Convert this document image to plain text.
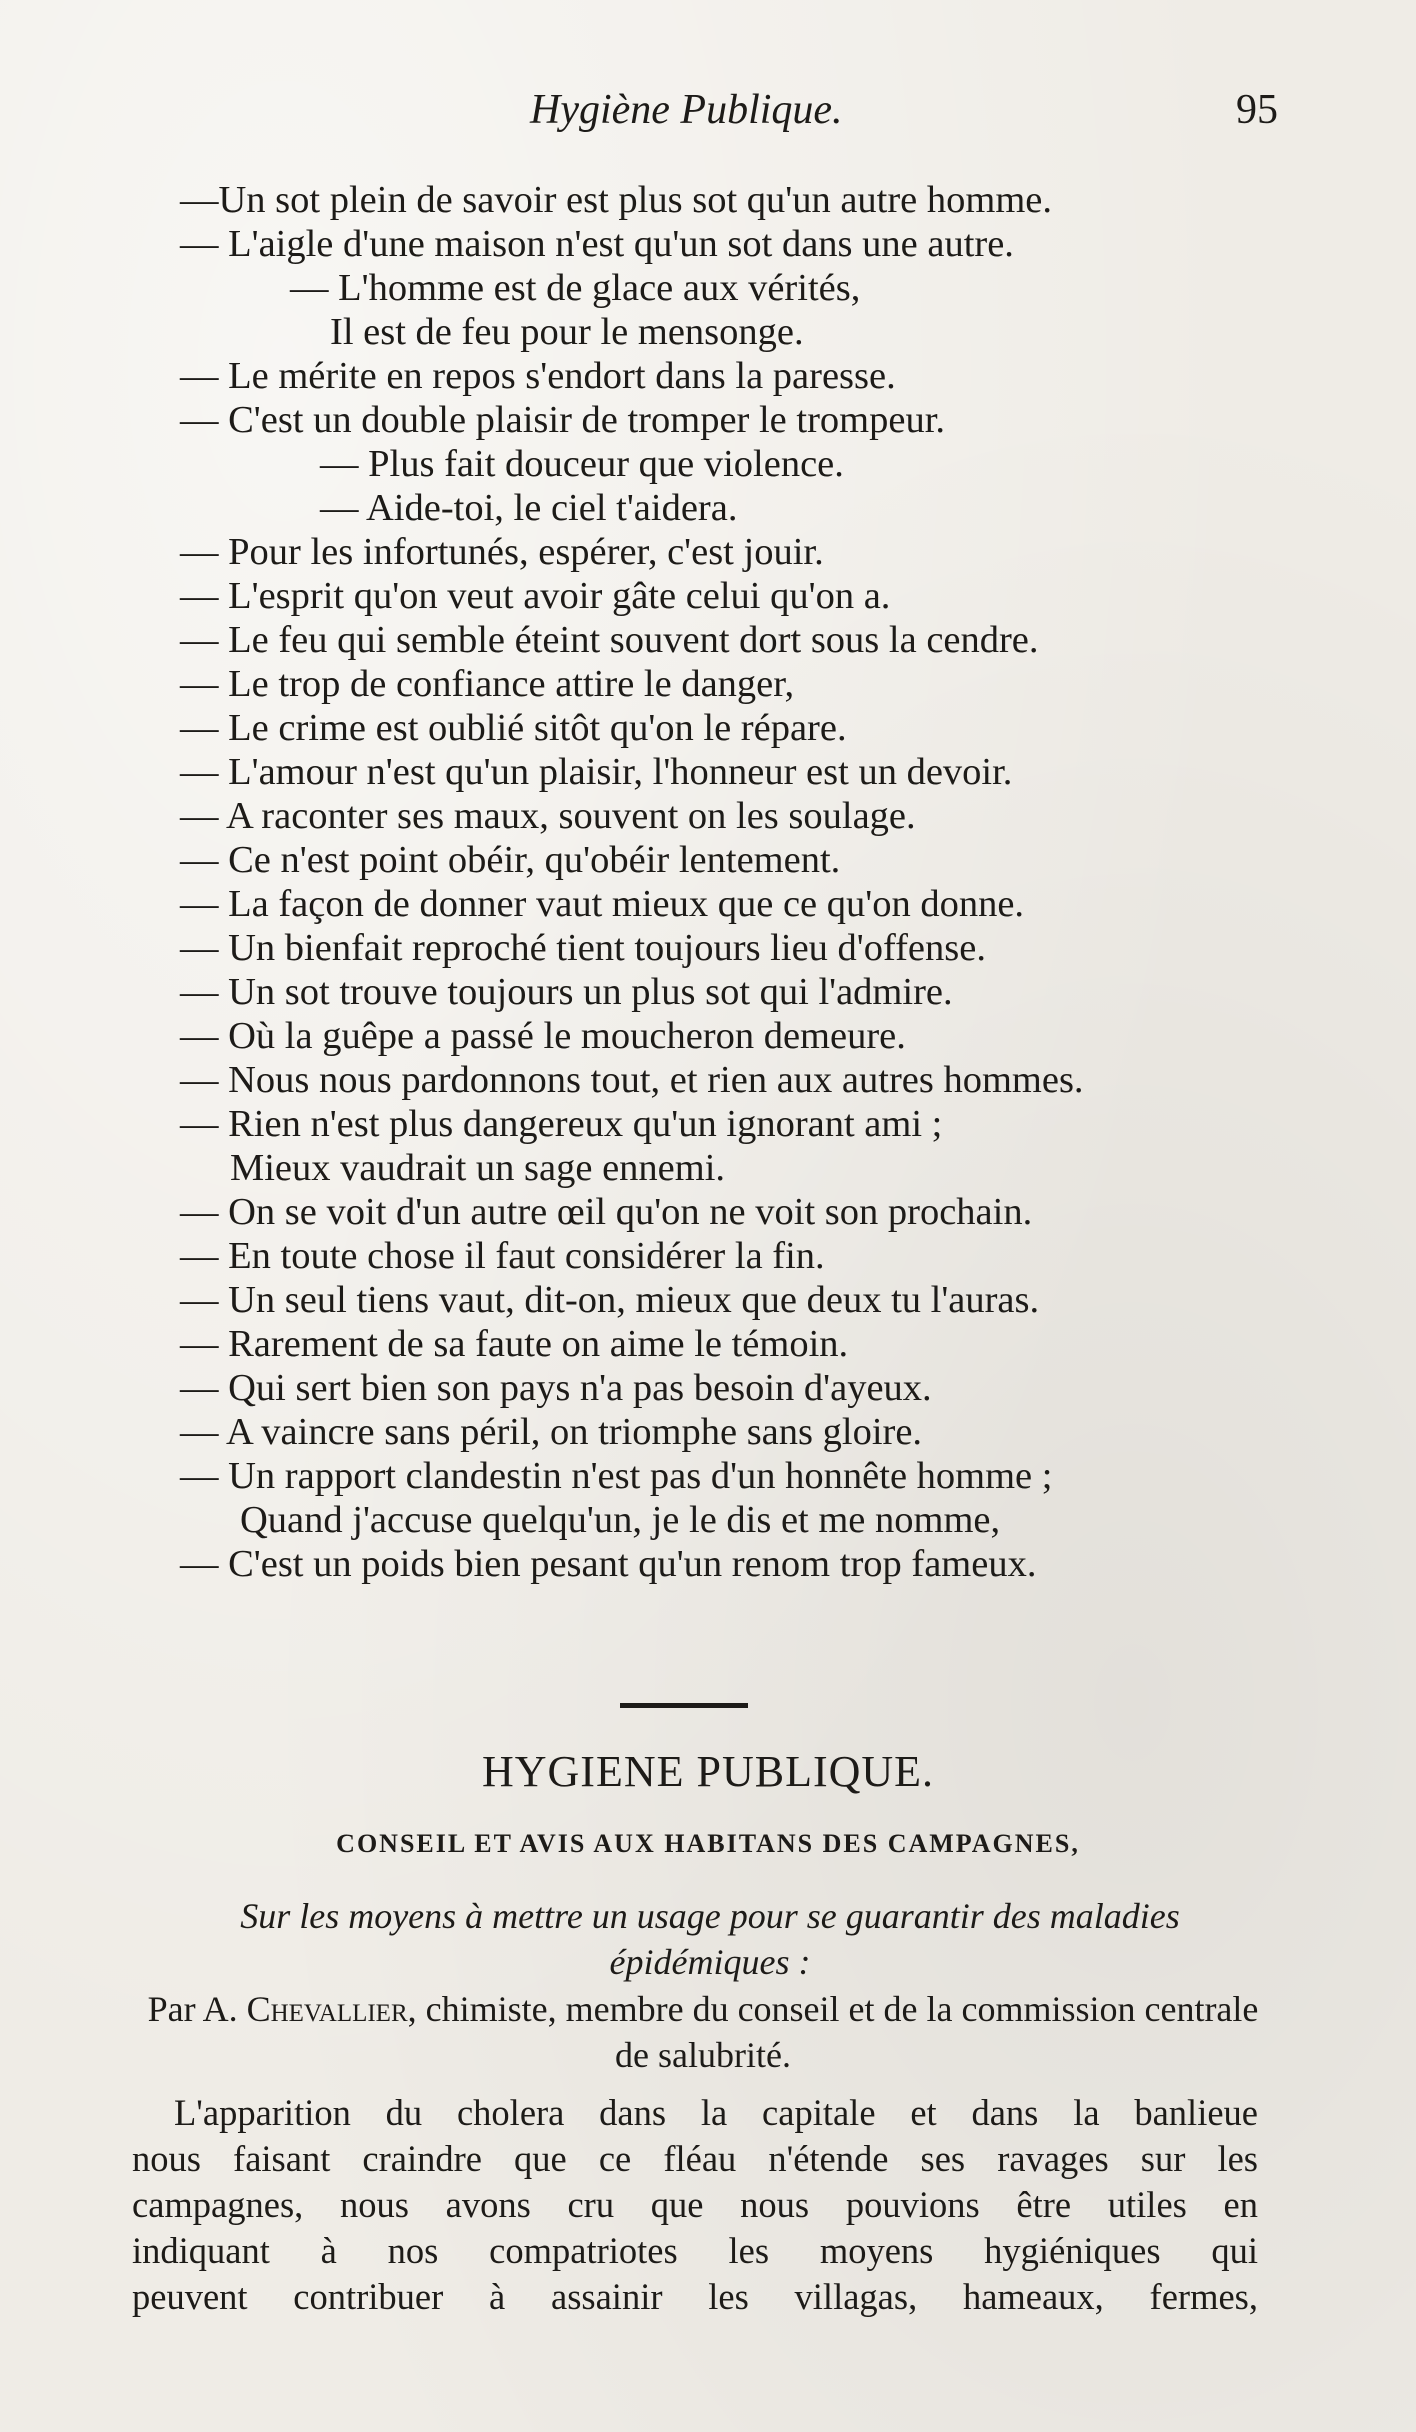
Hygiène Publique.	95
—Un sot plein de savoir est plus sot qu'un autre homme.
— L'aigle d'une maison n'est qu'un sot dans une autre.
— L'homme est de glace aux vérités,
Il est de feu pour le mensonge.
— Le mérite en repos s'endort dans la paresse.
— C'est un double plaisir de tromper le trompeur.
— Plus fait douceur que violence.
— Aide-toi, le ciel t'aidera.
— Pour les infortunés, espérer, c'est jouir.
— L'esprit qu'on veut avoir gâte celui qu'on a.
— Le feu qui semble éteint souvent dort sous la cendre.
— Le trop de confiance attire le danger,
— Le crime est oublié sitôt qu'on le répare.
— L'amour n'est qu'un plaisir, l'honneur est un devoir.
— A raconter ses maux, souvent on les soulage.
— Ce n'est point obéir, qu'obéir lentement.
— La façon de donner vaut mieux que ce qu'on donne.
— Un bienfait reproché tient toujours lieu d'offense.
— Un sot trouve toujours un plus sot qui l'admire.
— Où la guêpe a passé le moucheron demeure.
— Nous nous pardonnons tout, et rien aux autres hommes.
— Rien n'est plus dangereux qu'un ignorant ami ;
Mieux vaudrait un sage ennemi.
— On se voit d'un autre œil qu'on ne voit son prochain.
— En toute chose il faut considérer la fin.
— Un seul tiens vaut, dit-on, mieux que deux tu l'auras.
— Rarement de sa faute on aime le témoin.
— Qui sert bien son pays n'a pas besoin d'ayeux.
— A vaincre sans péril, on triomphe sans gloire.
— Un rapport clandestin n'est pas d'un honnête homme ;
Quand j'accuse quelqu'un, je le dis et me nomme,
— C'est un poids bien pesant qu'un renom trop fameux.
HYGIENE PUBLIQUE.
CONSEIL ET AVIS AUX HABITANS DES CAMPAGNES,
Sur les moyens à mettre un usage pour se guarantir des maladies épidémiques :
Par A. Chevallier, chimiste, membre du conseil et de la commission centrale de salubrité.
L'apparition du cholera dans la capitale et dans la banlieue
nous faisant craindre que ce fléau n'étende ses ravages sur les
campagnes, nous avons cru que nous pouvions être utiles en
indiquant à nos compatriotes les moyens hygiéniques qui
peuvent contribuer à assainir les villagas, hameaux, fermes,
